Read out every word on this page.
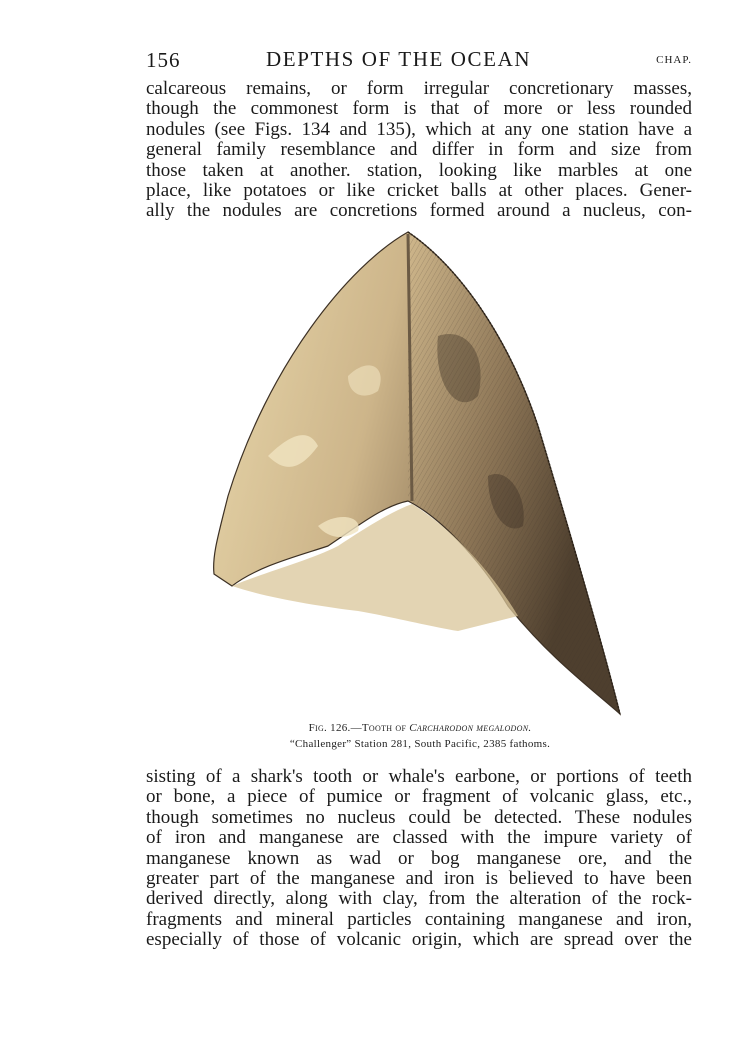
156	DEPTHS OF THE OCEAN	CHAP.
calcareous remains, or form irregular concretionary masses,
though the commonest form is that of more or less rounded
nodules (see Figs. 134 and 135), which at any one station have a
general family resemblance and differ in form and size from
those taken at another. station, looking like marbles at one
place, like potatoes or like cricket balls at other places. Gener-
ally the nodules are concretions formed around a nucleus, con-
Fig. 126.—Tooth of Carcharodon megalodon.
“Challenger” Station 281, South Pacific, 2385 fathoms.
sisting of a shark's tooth or whale's earbone, or portions of teeth
or bone, a piece of pumice or fragment of volcanic glass, etc.,
though sometimes no nucleus could be detected. These nodules
of iron and manganese are classed with the impure variety of
manganese known as wad or bog manganese ore, and the
greater part of the manganese and iron is believed to have been
derived directly, along with clay, from the alteration of the rock-
fragments and mineral particles containing manganese and iron,
especially of those of volcanic origin, which are spread over the
